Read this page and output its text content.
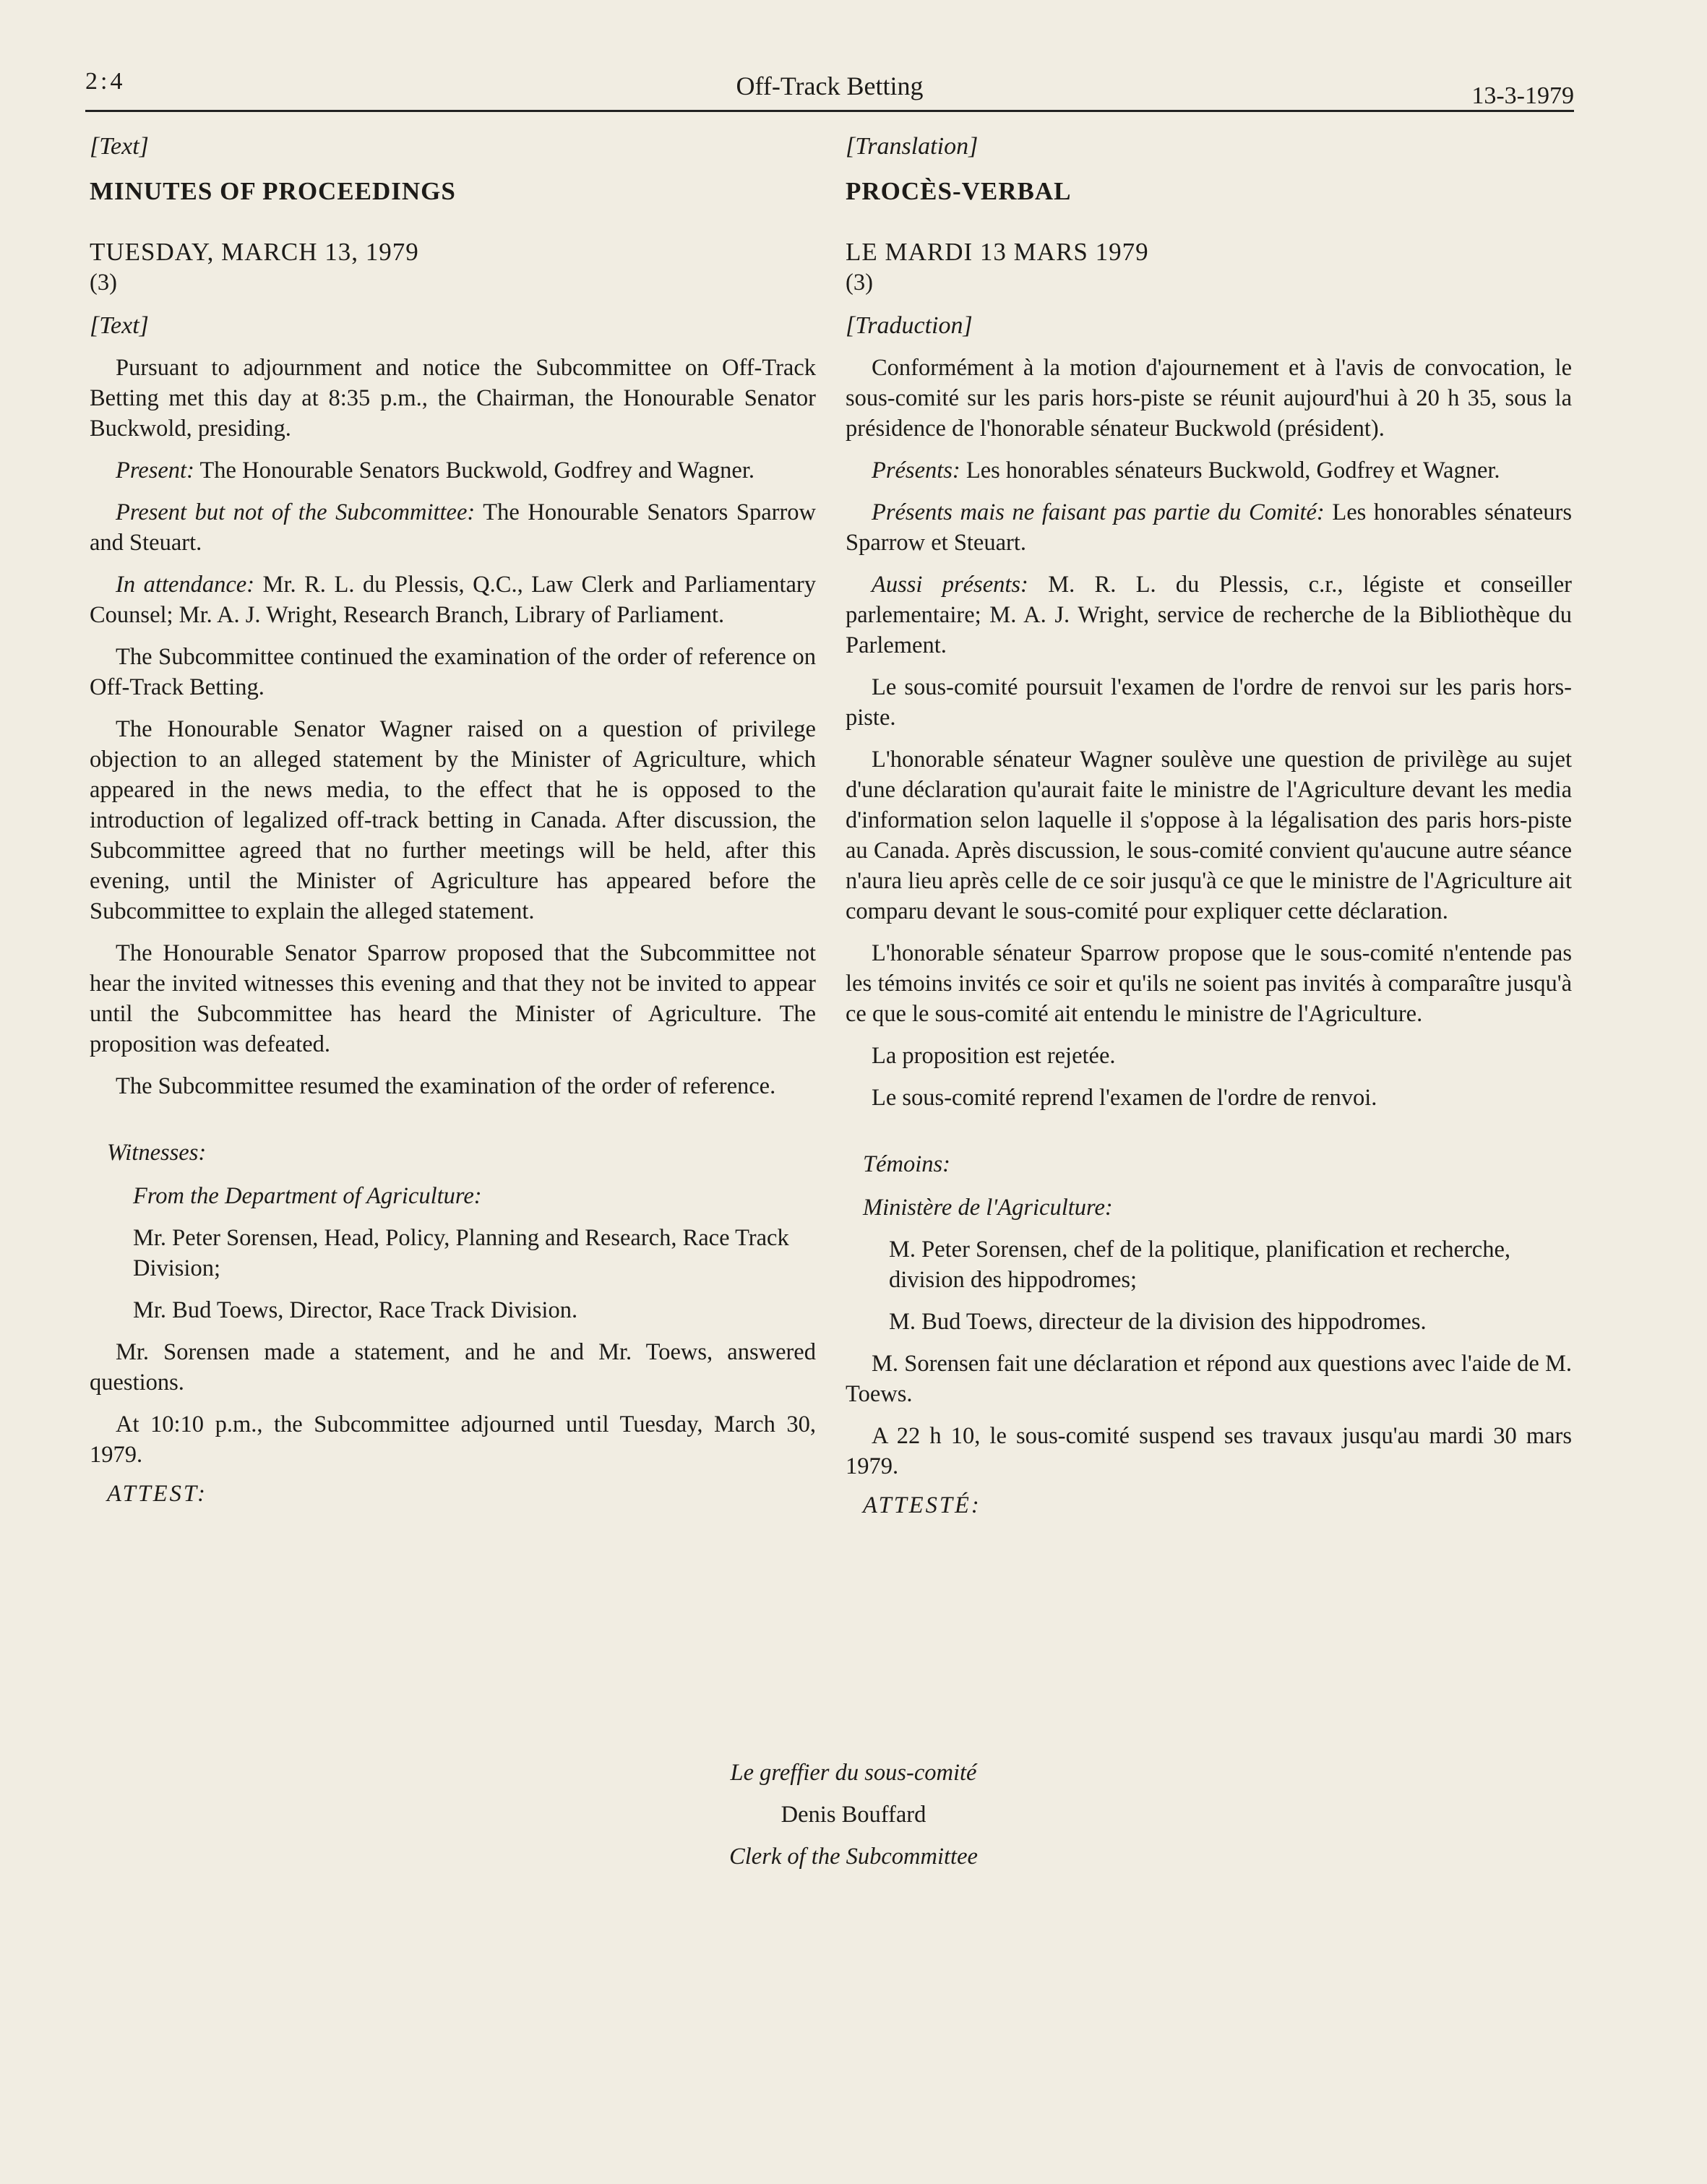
2:4	Off-Track Betting	13-3-1979

[Text]

MINUTES OF PROCEEDINGS

TUESDAY, MARCH 13, 1979

(3)

[Text]

Pursuant to adjournment and notice the Subcommittee on Off-Track Betting met this day at 8:35 p.m., the Chairman, the Honourable Senator Buckwold, presiding.

Present: The Honourable Senators Buckwold, Godfrey and Wagner.

Present but not of the Subcommittee: The Honourable Senators Sparrow and Steuart.

In attendance: Mr. R. L. du Plessis, Q.C., Law Clerk and Parliamentary Counsel; Mr. A. J. Wright, Research Branch, Library of Parliament.

The Subcommittee continued the examination of the order of reference on Off-Track Betting.

The Honourable Senator Wagner raised on a question of privilege objection to an alleged statement by the Minister of Agriculture, which appeared in the news media, to the effect that he is opposed to the introduction of legalized off-track betting in Canada. After discussion, the Subcommittee agreed that no further meetings will be held, after this evening, until the Minister of Agriculture has appeared before the Subcommittee to explain the alleged statement.

The Honourable Senator Sparrow proposed that the Subcommittee not hear the invited witnesses this evening and that they not be invited to appear until the Subcommittee has heard the Minister of Agriculture. The proposition was defeated.

The Subcommittee resumed the examination of the order of reference.

Witnesses:

From the Department of Agriculture:

Mr. Peter Sorensen, Head, Policy, Planning and Research, Race Track Division;

Mr. Bud Toews, Director, Race Track Division.

Mr. Sorensen made a statement, and he and Mr. Toews, answered questions.

At 10:10 p.m., the Subcommittee adjourned until Tuesday, March 30, 1979.

ATTEST:

[Translation]

PROCÈS-VERBAL

LE MARDI 13 MARS 1979

(3)

[Traduction]

Conformément à la motion d'ajournement et à l'avis de convocation, le sous-comité sur les paris hors-piste se réunit aujourd'hui à 20 h 35, sous la présidence de l'honorable sénateur Buckwold (président).

Présents: Les honorables sénateurs Buckwold, Godfrey et Wagner.

Présents mais ne faisant pas partie du Comité: Les honorables sénateurs Sparrow et Steuart.

Aussi présents: M. R. L. du Plessis, c.r., légiste et conseiller parlementaire; M. A. J. Wright, service de recherche de la Bibliothèque du Parlement.

Le sous-comité poursuit l'examen de l'ordre de renvoi sur les paris hors-piste.

L'honorable sénateur Wagner soulève une question de privilège au sujet d'une déclaration qu'aurait faite le ministre de l'Agriculture devant les media d'information selon laquelle il s'oppose à la légalisation des paris hors-piste au Canada. Après discussion, le sous-comité convient qu'aucune autre séance n'aura lieu après celle de ce soir jusqu'à ce que le ministre de l'Agriculture ait comparu devant le sous-comité pour expliquer cette déclaration.

L'honorable sénateur Sparrow propose que le sous-comité n'entende pas les témoins invités ce soir et qu'ils ne soient pas invités à comparaître jusqu'à ce que le sous-comité ait entendu le ministre de l'Agriculture.

La proposition est rejetée.

Le sous-comité reprend l'examen de l'ordre de renvoi.

Témoins:

Ministère de l'Agriculture:

M. Peter Sorensen, chef de la politique, planification et recherche, division des hippodromes;

M. Bud Toews, directeur de la division des hippodromes.

M. Sorensen fait une déclaration et répond aux questions avec l'aide de M. Toews.

A 22 h 10, le sous-comité suspend ses travaux jusqu'au mardi 30 mars 1979.

ATTESTÉ:

Le greffier du sous-comité

Denis Bouffard

Clerk of the Subcommittee
